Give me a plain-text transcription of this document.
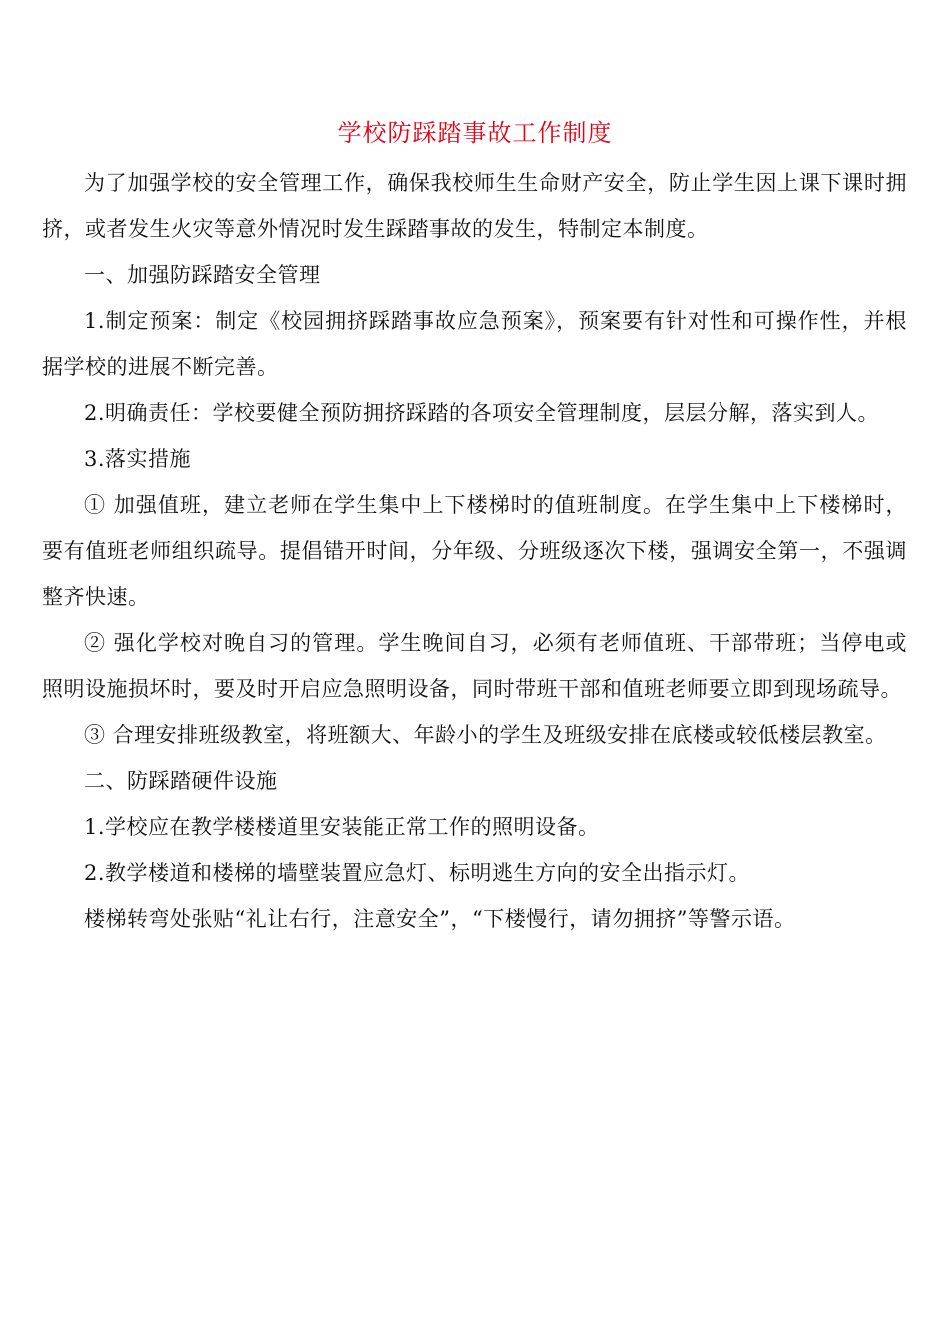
学校防踩踏事故工作制度

为了加强学校的安全管理工作，确保我校师生生命财产安全，防止学生因上课下课时拥挤，或者发生火灾等意外情况时发生踩踏事故的发生，特制定本制度。

一、加强防踩踏安全管理

1.制定预案：制定《校园拥挤踩踏事故应急预案》，预案要有针对性和可操作性，并根据学校的进展不断完善。

2.明确责任：学校要健全预防拥挤踩踏的各项安全管理制度，层层分解，落实到人。

3.落实措施

① 加强值班，建立老师在学生集中上下楼梯时的值班制度。在学生集中上下楼梯时，要有值班老师组织疏导。提倡错开时间，分年级、分班级逐次下楼，强调安全第一，不强调整齐快速。

② 强化学校对晚自习的管理。学生晚间自习，必须有老师值班、干部带班；当停电或照明设施损坏时，要及时开启应急照明设备，同时带班干部和值班老师要立即到现场疏导。

③ 合理安排班级教室，将班额大、年龄小的学生及班级安排在底楼或较低楼层教室。

二、防踩踏硬件设施

1.学校应在教学楼楼道里安装能正常工作的照明设备。

2.教学楼道和楼梯的墙壁装置应急灯、标明逃生方向的安全出指示灯。

楼梯转弯处张贴“礼让右行，注意安全”，“下楼慢行，请勿拥挤”等警示语。
